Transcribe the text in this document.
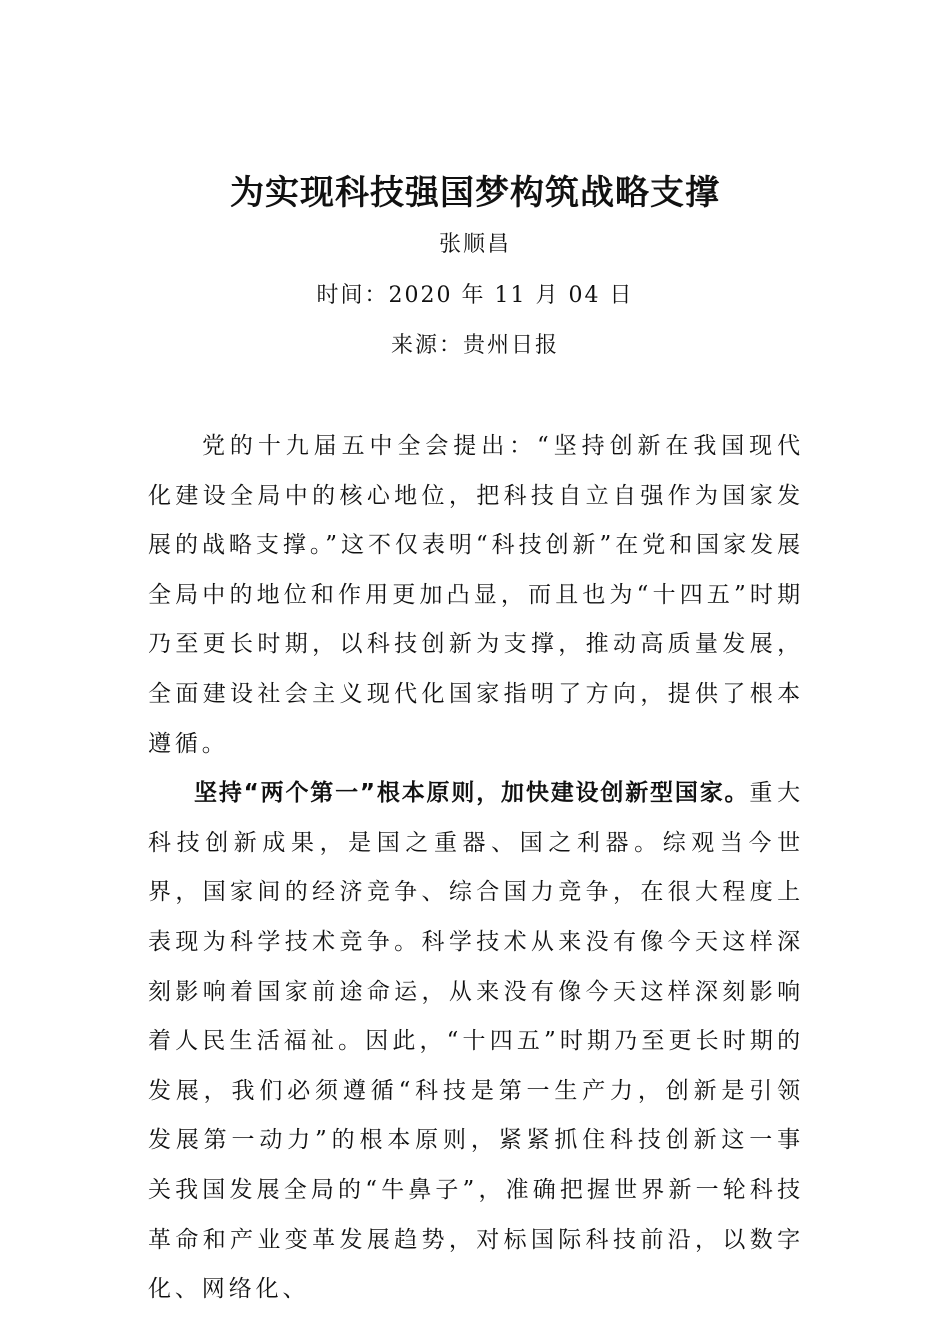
为实现科技强国梦构筑战略支撑
张顺昌
时间：2020 年 11 月 04 日
来源：贵州日报

党的十九届五中全会提出：“坚持创新在我国现代化建设全局中的核心地位，把科技自立自强作为国家发展的战略支撑。”这不仅表明“科技创新”在党和国家发展全局中的地位和作用更加凸显，而且也为“十四五”时期乃至更长时期，以科技创新为支撑，推动高质量发展，全面建设社会主义现代化国家指明了方向，提供了根本遵循。

坚持“两个第一”根本原则，加快建设创新型国家。重大科技创新成果，是国之重器、国之利器。综观当今世界，国家间的经济竞争、综合国力竞争，在很大程度上表现为科学技术竞争。科学技术从来没有像今天这样深刻影响着国家前途命运，从来没有像今天这样深刻影响着人民生活福祉。因此，“十四五”时期乃至更长时期的发展，我们必须遵循“科技是第一生产力，创新是引领发展第一动力”的根本原则，紧紧抓住科技创新这一事关我国发展全局的“牛鼻子”，准确把握世界新一轮科技革命和产业变革发展趋势，对标国际科技前沿，以数字化、网络化、
